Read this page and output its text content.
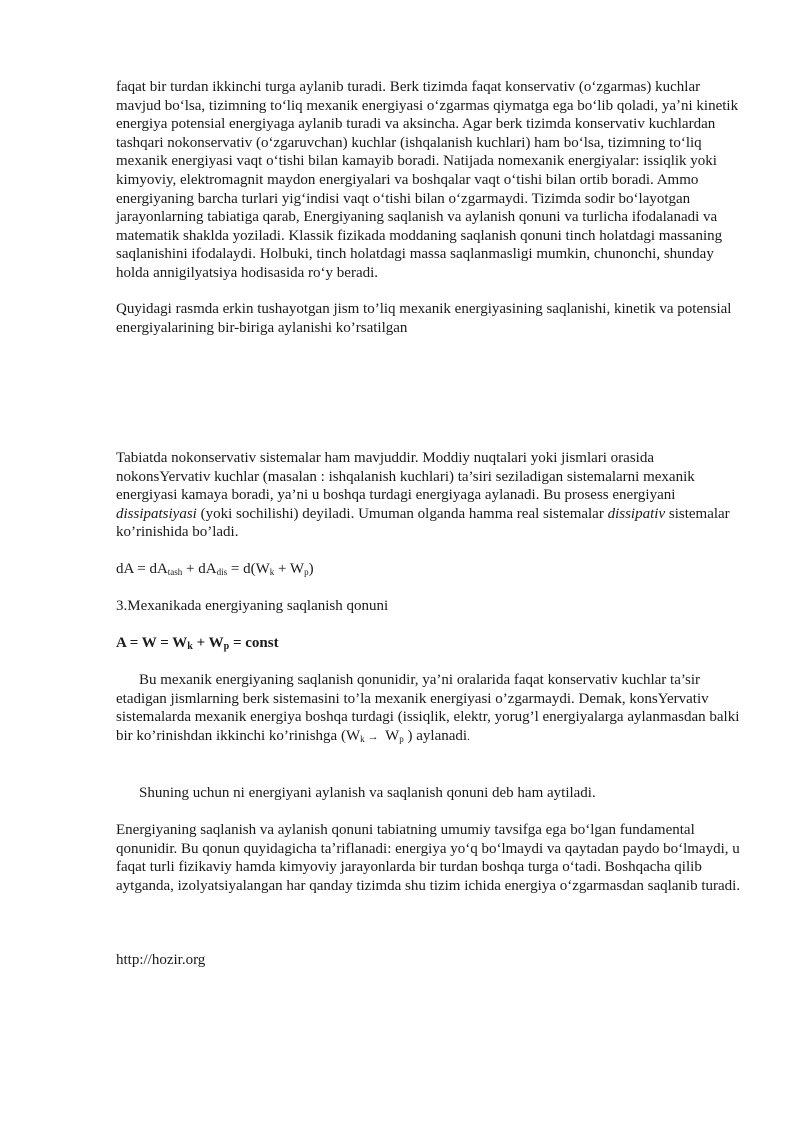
faqat bir turdan ikkinchi turga aylanib turadi. Berk tizimda faqat konservativ (oʻzgarmas) kuchlar mavjud boʻlsa, tizimning toʻliq mexanik energiyasi oʻzgarmas qiymatga ega boʻlib qoladi, yaʼni kinetik energiya potensial energiyaga aylanib turadi va aksincha. Agar berk tizimda konservativ kuchlardan tashqari nokonservativ (oʻzgaruvchan) kuchlar (ishqalanish kuchlari) ham boʻlsa, tizimning toʻliq mexanik energiyasi vaqt oʻtishi bilan kamayib boradi. Natijada nomexanik energiyalar: issiqlik yoki kimyoviy, elektromagnit maydon energiyalari va boshqalar vaqt oʻtishi bilan ortib boradi. Ammo energiyaning barcha turlari yigʻindisi vaqt oʻtishi bilan oʻzgarmaydi. Tizimda sodir boʻlayotgan jarayonlarning tabiatiga qarab, Energiyaning saqlanish va aylanish qonuni va turlicha ifodalanadi va matematik shaklda yoziladi. Klassik fizikada moddaning saqlanish qonuni tinch holatdagi massaning saqlanishini ifodalaydi. Holbuki, tinch holatdagi massa saqlanmasligi mumkin, chunonchi, shunday holda annigilyatsiya hodisasida roʻy beradi.

Quyidagi rasmda erkin tushayotgan jism to’liq mexanik energiyasining saqlanishi, kinetik va potensial energiyalarining bir-biriga aylanishi ko’rsatilgan

Tabiatda nokonservativ sistemalar ham mavjuddir. Moddiy nuqtalari yoki jismlari orasida nokonsYervativ kuchlar (masalan : ishqalanish kuchlari) ta’siri seziladigan sistemalarni mexanik energiyasi kamaya boradi, ya’ni u boshqa turdagi energiyaga aylanadi. Bu prosess energiyani dissipatsiyasi (yoki sochilishi) deyiladi. Umuman olganda hamma real sistemalar dissipativ sistemalar ko’rinishida bo’ladi.

dA = $dA_{tash} + dA_{dis} = d(W_k + W_p)$

3.Mexanikada energiyaning saqlanish qonuni

$A = W = W_k + W_p$ = const

Bu mexanik energiyaning saqlanish qonunidir, ya’ni oralarida faqat konservativ kuchlar ta’sir etadigan jismlarning berk sistemasini to’la mexanik energiyasi o’zgarmaydi. Demak, konsYervativ sistemalarda mexanik energiya boshqa turdagi (issiqlik, elektr, yorug’l energiyalarga aylanmasdan balki bir ko’rinishdan ikkinchi ko’rinishga ($W_k \to W_p$ ) aylanadi.

Shuning uchun ni energiyani aylanish va saqlanish qonuni deb ham aytiladi.

Energiyaning saqlanish va aylanish qonuni tabiatning umumiy tavsifga ega boʻlgan fundamental qonunidir. Bu qonun quyidagicha taʼriflanadi: energiya yoʻq boʻlmaydi va qaytadan paydo boʻlmaydi, u faqat turli fizikaviy hamda kimyoviy jarayonlarda bir turdan boshqa turga oʻtadi. Boshqacha qilib aytganda, izolyatsiyalangan har qanday tizimda shu tizim ichida energiya oʻzgarmasdan saqlanib turadi.

http://hozir.org
